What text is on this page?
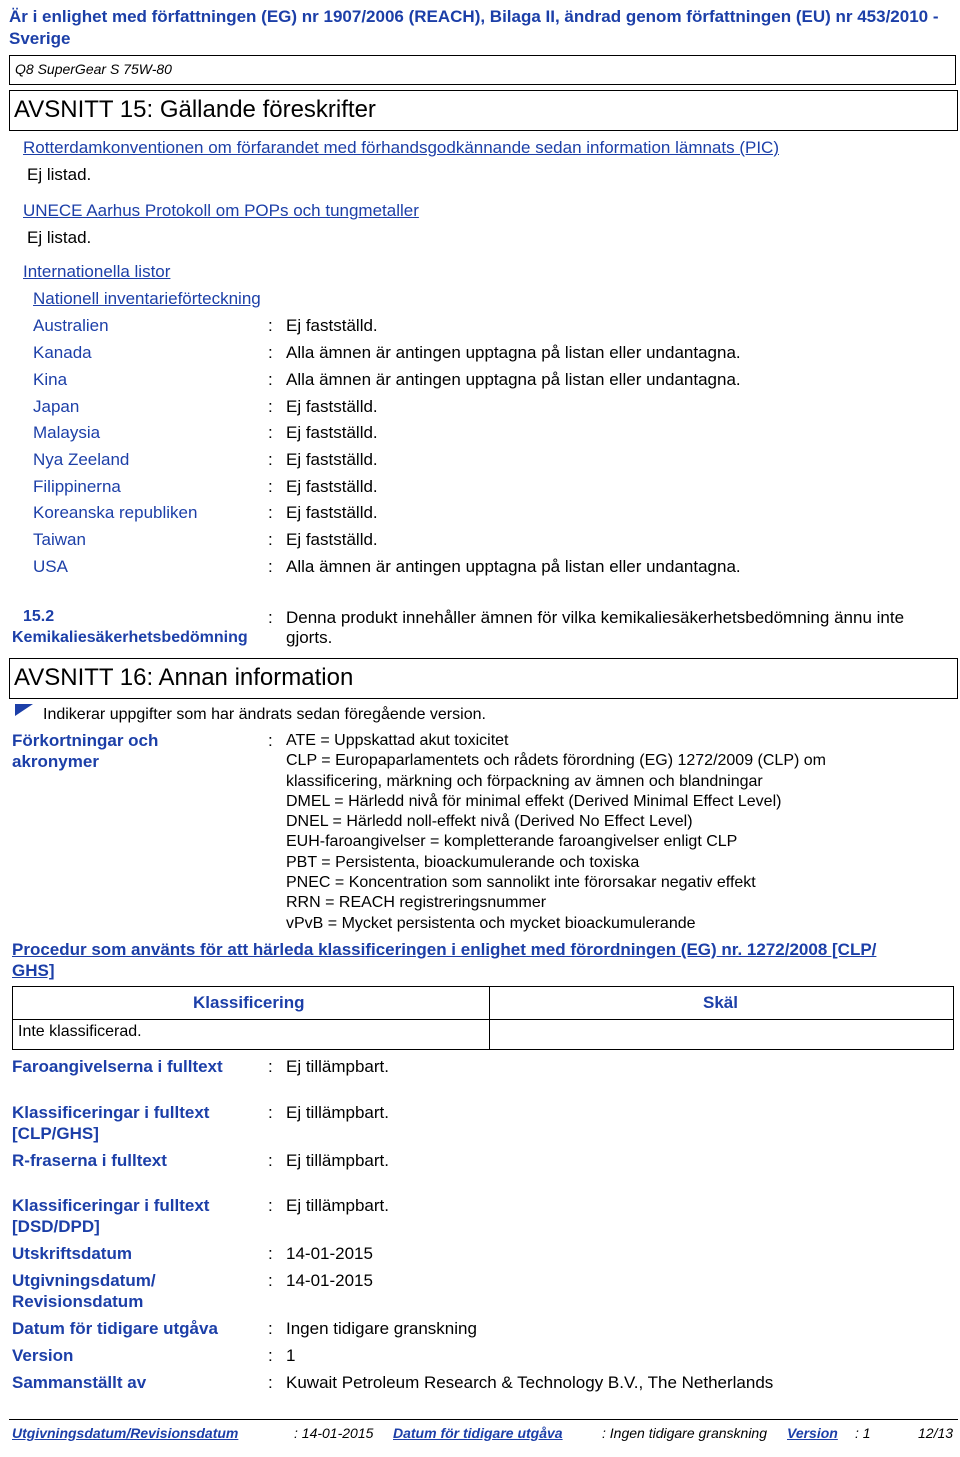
Är i enlighet med författningen (EG) nr 1907/2006 (REACH), Bilaga II, ändrad genom författningen (EU) nr 453/2010 - Sverige
Q8 SuperGear S 75W-80
AVSNITT 15: Gällande föreskrifter
Rotterdamkonventionen om förfarandet med förhandsgodkännande sedan information lämnats (PIC)
Ej listad.
UNECE Aarhus Protokoll om POPs och tungmetaller
Ej listad.
Internationella listor
Nationell inventarieförteckning
Australien	: Ej fastställd.
Kanada	: Alla ämnen är antingen upptagna på listan eller undantagna.
Kina	: Alla ämnen är antingen upptagna på listan eller undantagna.
Japan	: Ej fastställd.
Malaysia	: Ej fastställd.
Nya Zeeland	: Ej fastställd.
Filippinerna	: Ej fastställd.
Koreanska republiken	: Ej fastställd.
Taiwan	: Ej fastställd.
USA	: Alla ämnen är antingen upptagna på listan eller undantagna.
15.2
Kemikaliesäkerhetsbedömning
: Denna produkt innehåller ämnen för vilka kemikaliesäkerhetsbedömning ännu inte
gjorts.
AVSNITT 16: Annan information
Indikerar uppgifter som har ändrats sedan föregående version.
Förkortningar och
akronymer
: ATE = Uppskattad akut toxicitet
CLP = Europaparlamentets och rådets förordning (EG) 1272/2009 (CLP) om
klassificering, märkning och förpackning av ämnen och blandningar
DMEL = Härledd nivå för minimal effekt (Derived Minimal Effect Level)
DNEL = Härledd noll-effekt nivå (Derived No Effect Level)
EUH-faroangivelser = kompletterande faroangivelser enligt CLP
PBT = Persistenta, bioackumulerande och toxiska
PNEC = Koncentration som sannolikt inte förorsakar negativ effekt
RRN = REACH registreringsnummer
vPvB = Mycket persistenta och mycket bioackumulerande
Procedur som använts för att härleda klassificeringen i enlighet med förordningen (EG) nr. 1272/2008 [CLP/
GHS]
Klassificering	Skäl
Inte klassificerad.
Faroangivelserna i fulltext	: Ej tillämpbart.
Klassificeringar i fulltext
[CLP/GHS]
: Ej tillämpbart.
R-fraserna i fulltext	: Ej tillämpbart.
Klassificeringar i fulltext
[DSD/DPD]
: Ej tillämpbart.
Utskriftsdatum	: 14-01-2015
Utgivningsdatum/
Revisionsdatum
: 14-01-2015
Datum för tidigare utgåva	: Ingen tidigare granskning
Version	: 1
Sammanställt av	: Kuwait Petroleum Research & Technology B.V., The Netherlands
Utgivningsdatum/Revisionsdatum	: 14-01-2015 Datum för tidigare utgåva	: Ingen tidigare granskning Version : 1	12/13
